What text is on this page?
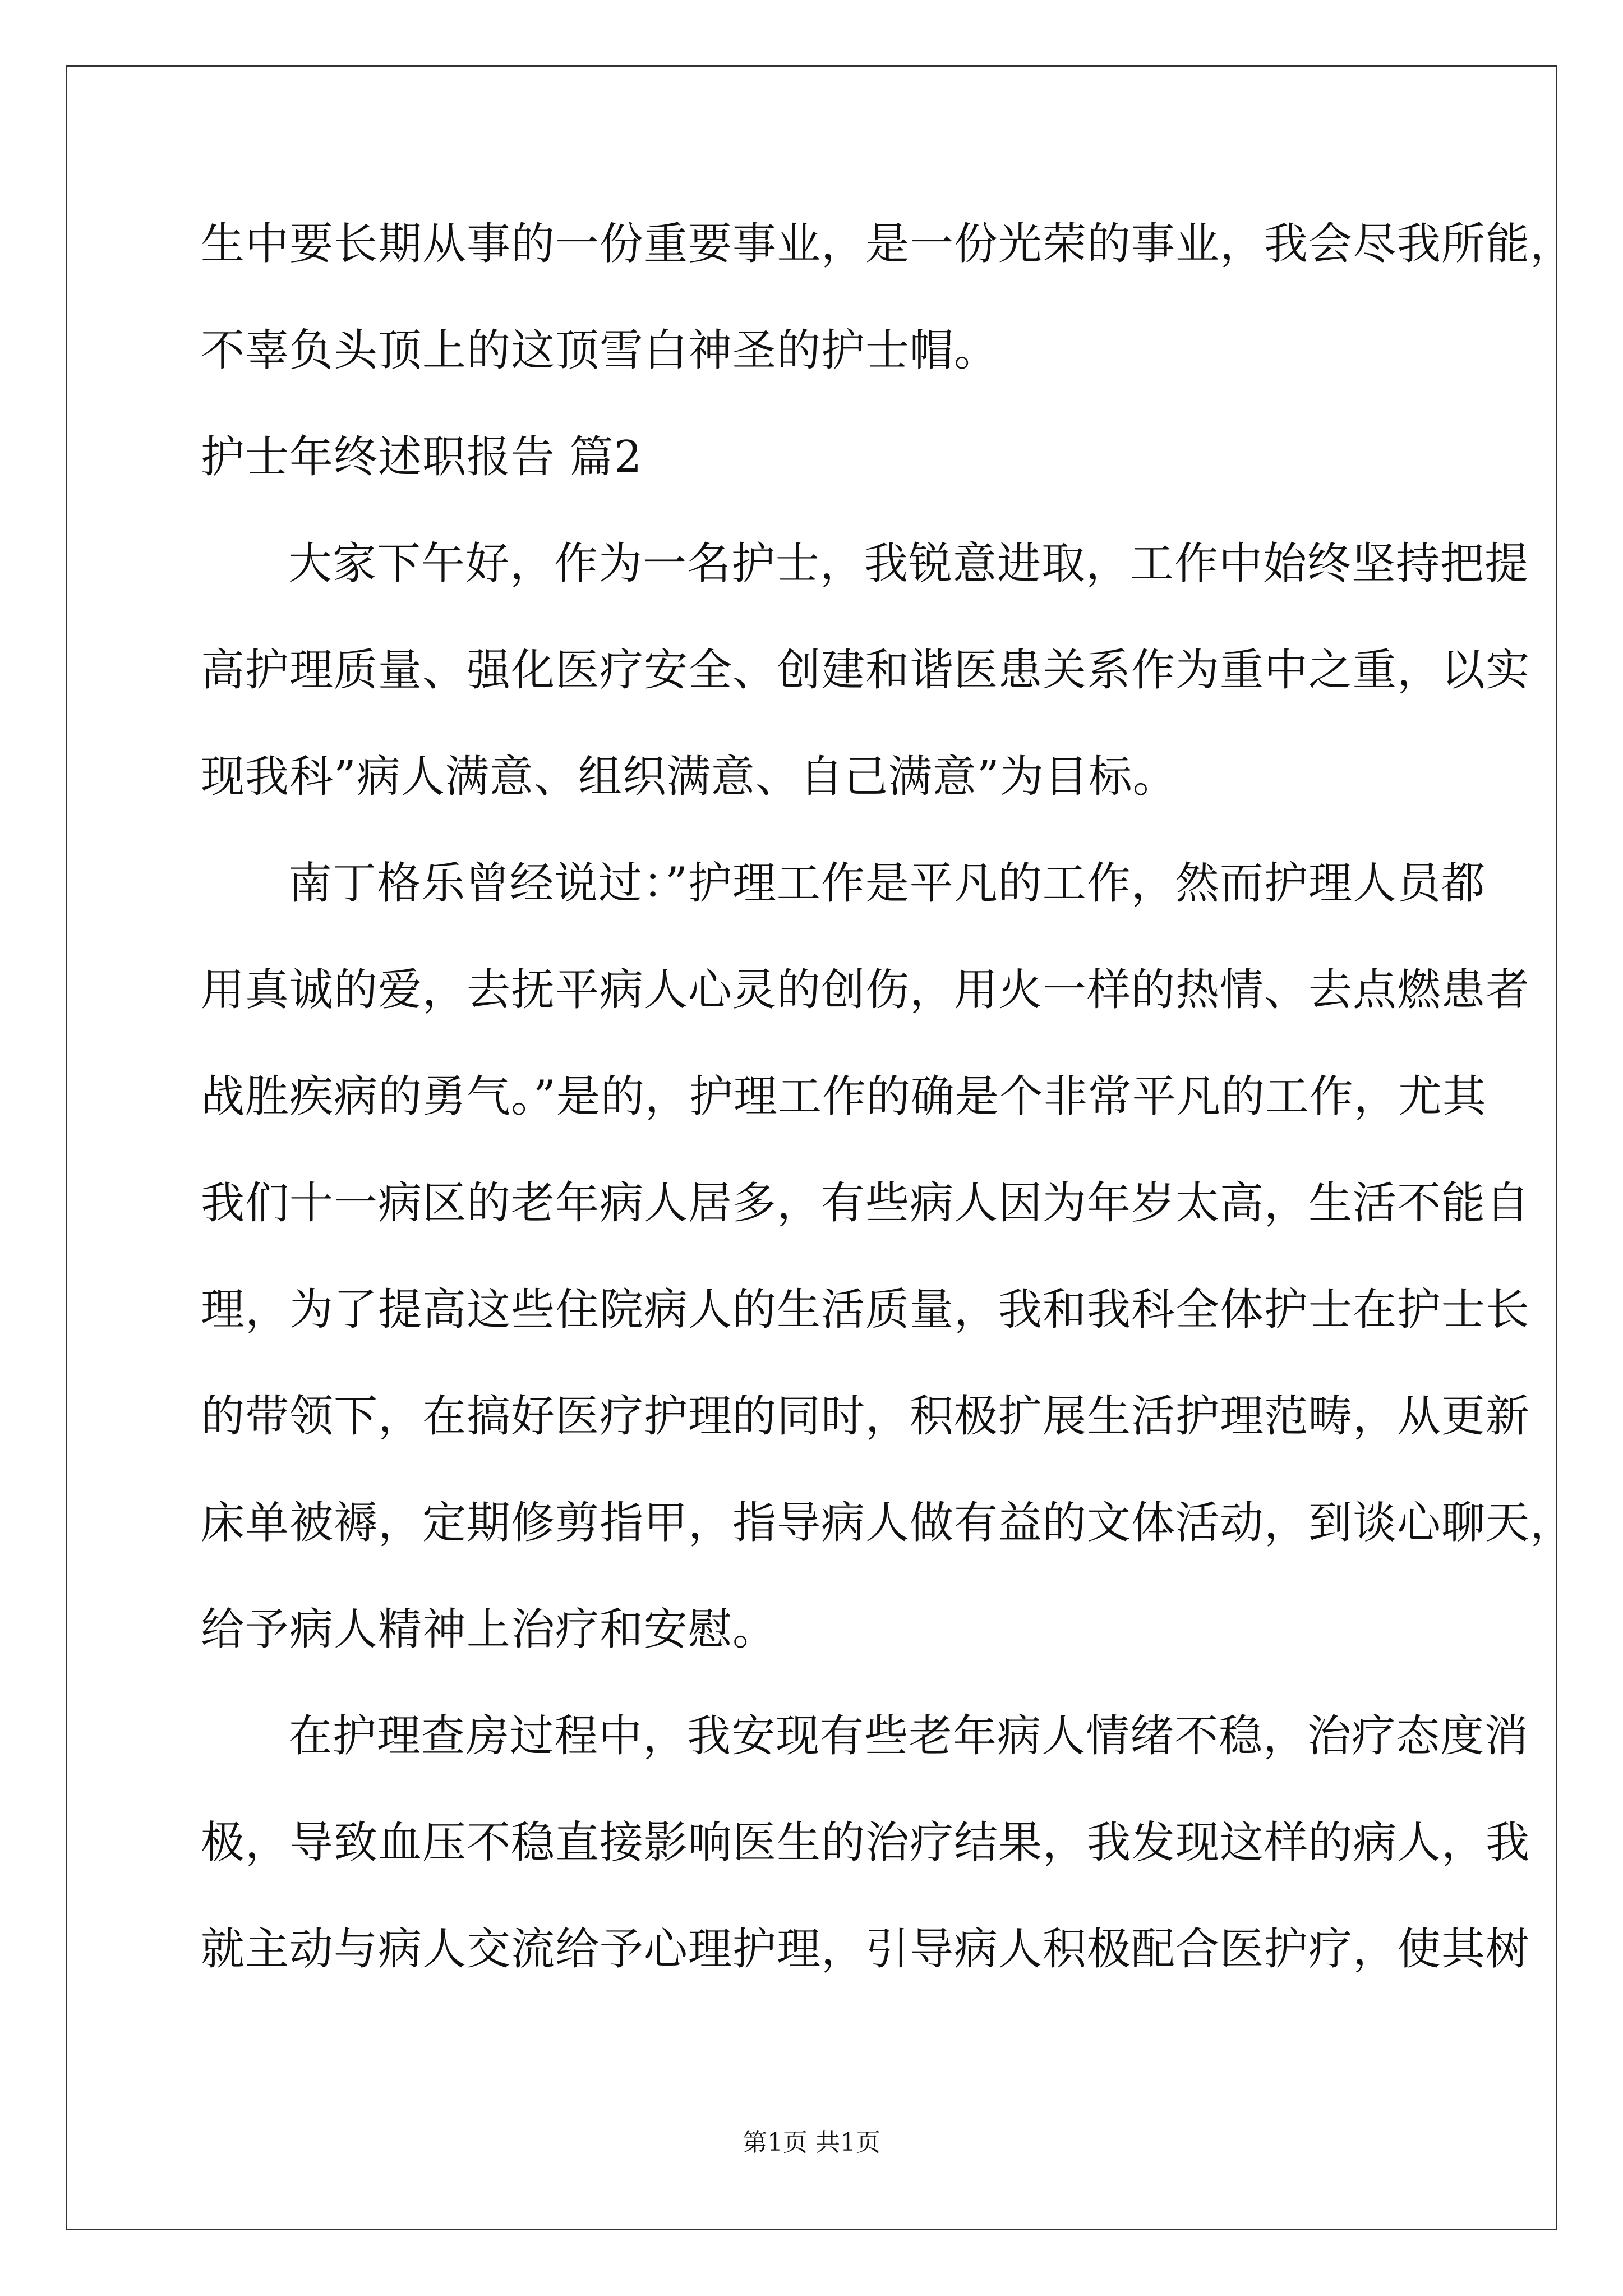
生中要长期从事的一份重要事业，是一份光荣的事业，我会尽我所能，
不辜负头顶上的这顶雪白神圣的护士帽。
护士年终述职报告 篇2
大家下午好，作为一名护士，我锐意进取，工作中始终坚持把提
高护理质量、强化医疗安全、创建和谐医患关系作为重中之重，以实
现我科”病人满意、组织满意、自己满意”为目标。
南丁格乐曾经说过：”护理工作是平凡的工作，然而护理人员都
用真诚的爱，去抚平病人心灵的创伤，用火一样的热情、去点燃患者
战胜疾病的勇气。”是的，护理工作的确是个非常平凡的工作，尤其
我们十一病区的老年病人居多，有些病人因为年岁太高，生活不能自
理，为了提高这些住院病人的生活质量，我和我科全体护士在护士长
的带领下，在搞好医疗护理的同时，积极扩展生活护理范畴，从更新
床单被褥，定期修剪指甲，指导病人做有益的文体活动，到谈心聊天，
给予病人精神上治疗和安慰。
在护理查房过程中，我安现有些老年病人情绪不稳，治疗态度消
极，导致血压不稳直接影响医生的治疗结果，我发现这样的病人，我
就主动与病人交流给予心理护理，引导病人积极配合医护疗，使其树
第1页 共1页
